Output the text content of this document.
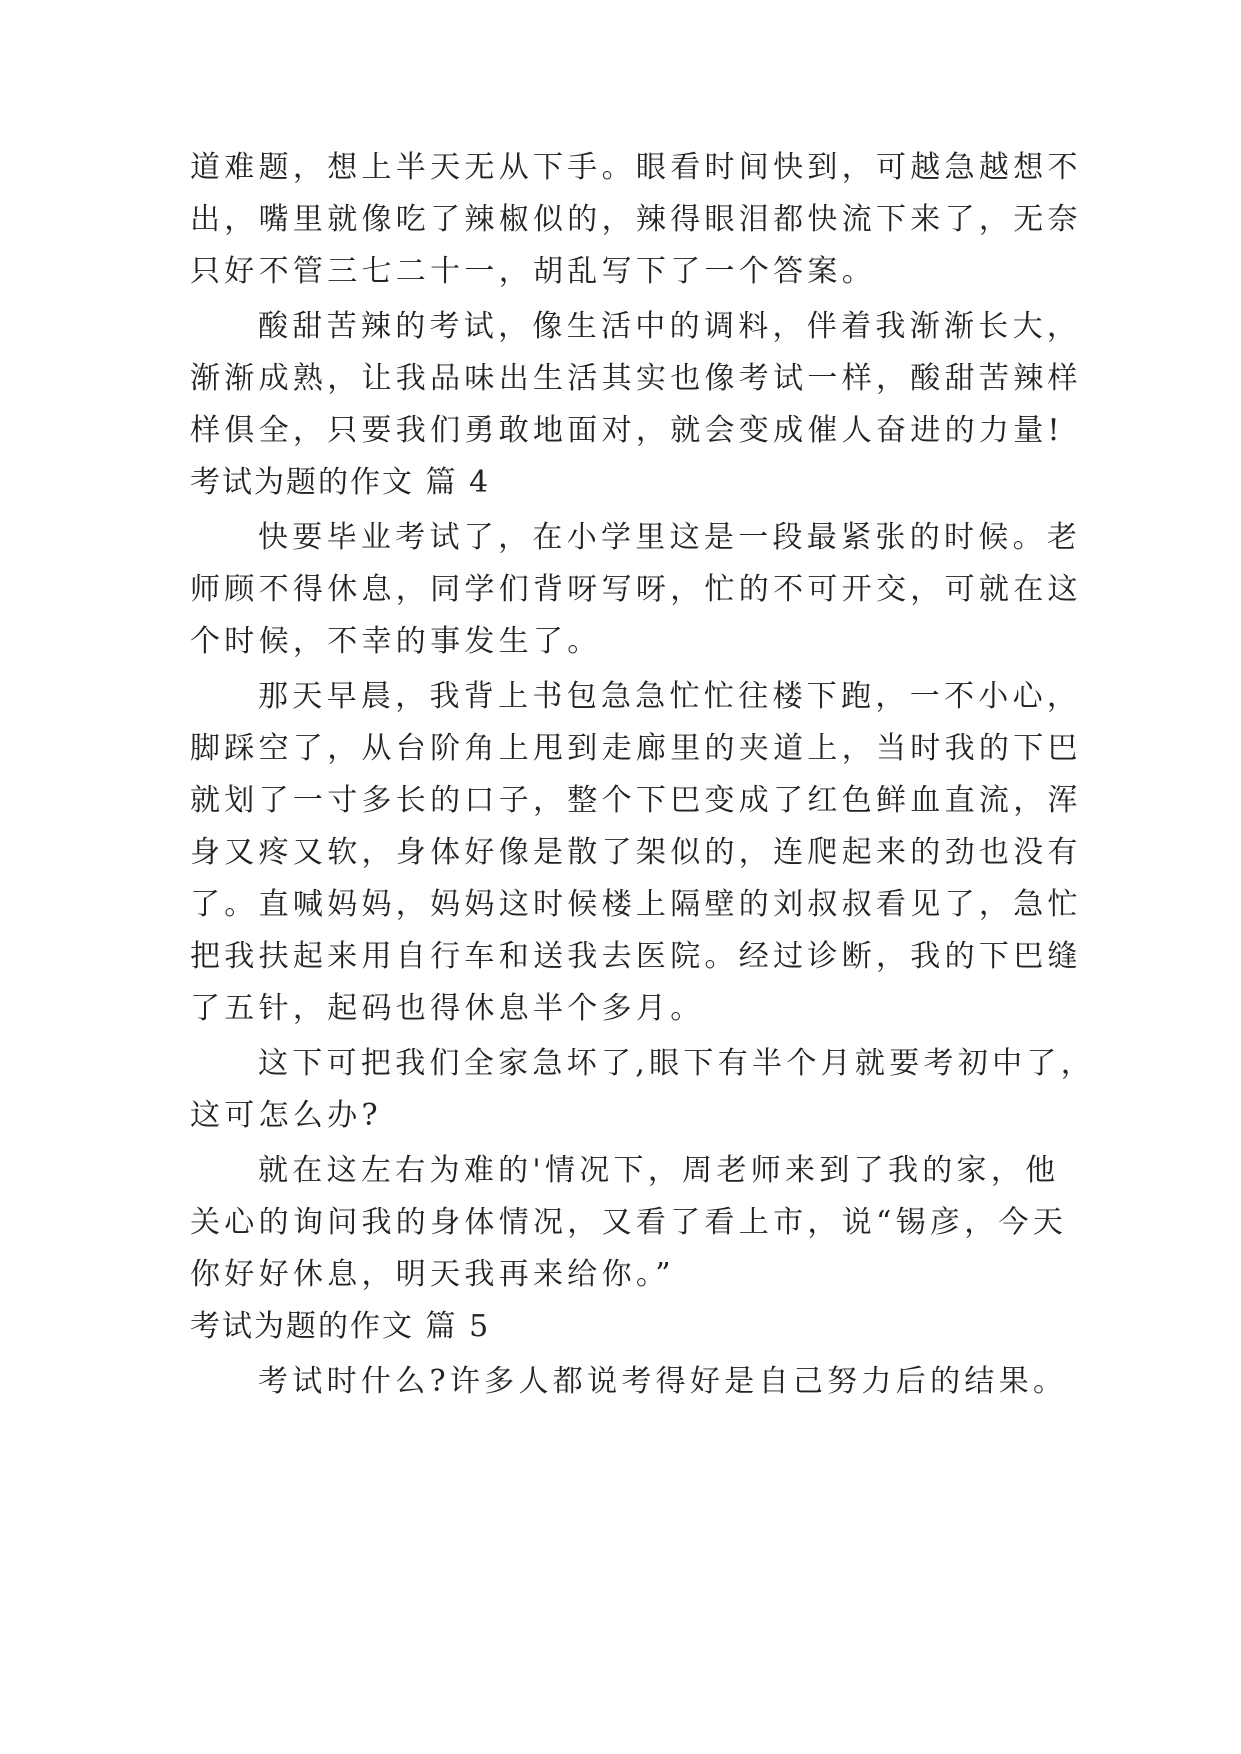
道难题，想上半天无从下手。眼看时间快到，可越急越想不
出，嘴里就像吃了辣椒似的，辣得眼泪都快流下来了，无奈
只好不管三七二十一，胡乱写下了一个答案。
酸甜苦辣的考试，像生活中的调料，伴着我渐渐长大，
渐渐成熟，让我品味出生活其实也像考试一样，酸甜苦辣样
样俱全，只要我们勇敢地面对，就会变成催人奋进的力量!
考试为题的作文 篇 4
快要毕业考试了，在小学里这是一段最紧张的时候。老
师顾不得休息，同学们背呀写呀，忙的不可开交，可就在这
个时候，不幸的事发生了。
那天早晨，我背上书包急急忙忙往楼下跑，一不小心，
脚踩空了，从台阶角上甩到走廊里的夹道上，当时我的下巴
就划了一寸多长的口子，整个下巴变成了红色鲜血直流，浑
身又疼又软，身体好像是散了架似的，连爬起来的劲也没有
了。直喊妈妈，妈妈这时候楼上隔壁的刘叔叔看见了，急忙
把我扶起来用自行车和送我去医院。经过诊断，我的下巴缝
了五针，起码也得休息半个多月。
这下可把我们全家急坏了,眼下有半个月就要考初中了，
这可怎么办?
就在这左右为难的'情况下，周老师来到了我的家，他
关心的询问我的身体情况，又看了看上市，说“锡彦，今天
你好好休息，明天我再来给你。”
考试为题的作文 篇 5
考试时什么?许多人都说考得好是自己努力后的结果。
